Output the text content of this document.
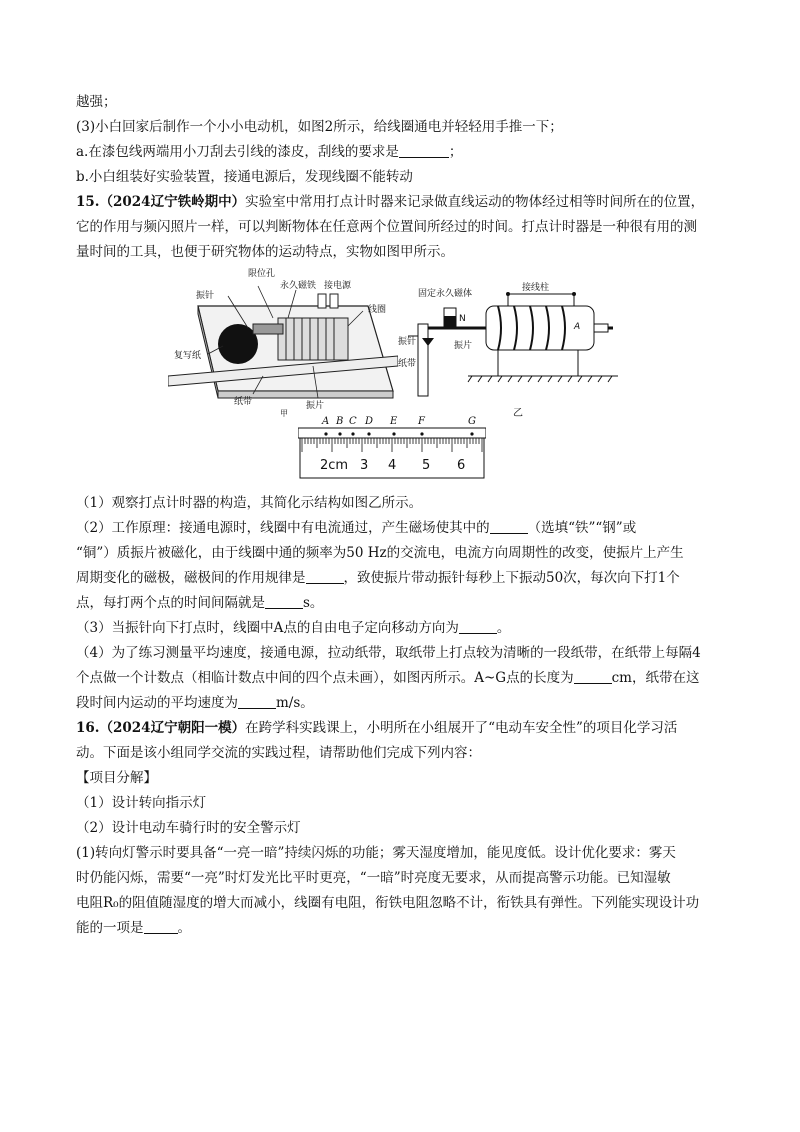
越强；
(3)小白回家后制作一个小小电动机，如图2所示，给线圈通电并轻轻用手推一下；
a.在漆包线两端用小刀刮去引线的漆皮，刮线的要求是	；
b.小白组装好实验装置，接通电源后，发现线圈不能转动
15.（2024辽宁铁岭期中）实验室中常用打点计时器来记录做直线运动的物体经过相等时间所在的位置，
它的作用与频闪照片一样，可以判断物体在任意两个位置间所经过的时间。打点计时器是一种很有用的测
量时间的工具，也便于研究物体的运动特点，实物如图甲所示。
限位孔
永久磁铁 接电源
振针
线圈
复写纸
纸带	振片
甲
固定永久磁体
接线柱
N
A
振针
纸带
振片
乙
A B C D E F	G
2cm 3 4 5 6
（1）观察打点计时器的构造，其简化示结构如图乙所示。
（2）工作原理：接通电源时，线圈中有电流通过，产生磁场使其中的	（选填“铁”“钢”或
“铜”）质振片被磁化，由于线圈中通的频率为50 Hz的交流电，电流方向周期性的改变，使振片上产生
周期变化的磁极，磁极间的作用规律是	，致使振片带动振针每秒上下振动50次，每次向下打1个
点，每打两个点的时间间隔就是	s。
（3）当振针向下打点时，线圈中A点的自由电子定向移动方向为	。
（4）为了练习测量平均速度，接通电源，拉动纸带，取纸带上打点较为清晰的一段纸带，在纸带上每隔4
个点做一个计数点（相临计数点中间的四个点未画），如图丙所示。A~G点的长度为	cm，纸带在这
段时间内运动的平均速度为	m/s。
16.（2024辽宁朝阳一模）在跨学科实践课上，小明所在小组展开了“电动车安全性”的项目化学习活
动。下面是该小组同学交流的实践过程，请帮助他们完成下列内容：
【项目分解】
（1）设计转向指示灯
（2）设计电动车骑行时的安全警示灯
(1)转向灯警示时要具备“一亮一暗”持续闪烁的功能；雾天湿度增加，能见度低。设计优化要求：雾天
时仍能闪烁，需要“一亮”时灯发光比平时更亮，“一暗”时亮度无要求，从而提高警示功能。已知湿敏
电阻R₀的阻值随湿度的增大而减小，线圈有电阻，衔铁电阻忽略不计，衔铁具有弹性。下列能实现设计功
能的一项是	。
